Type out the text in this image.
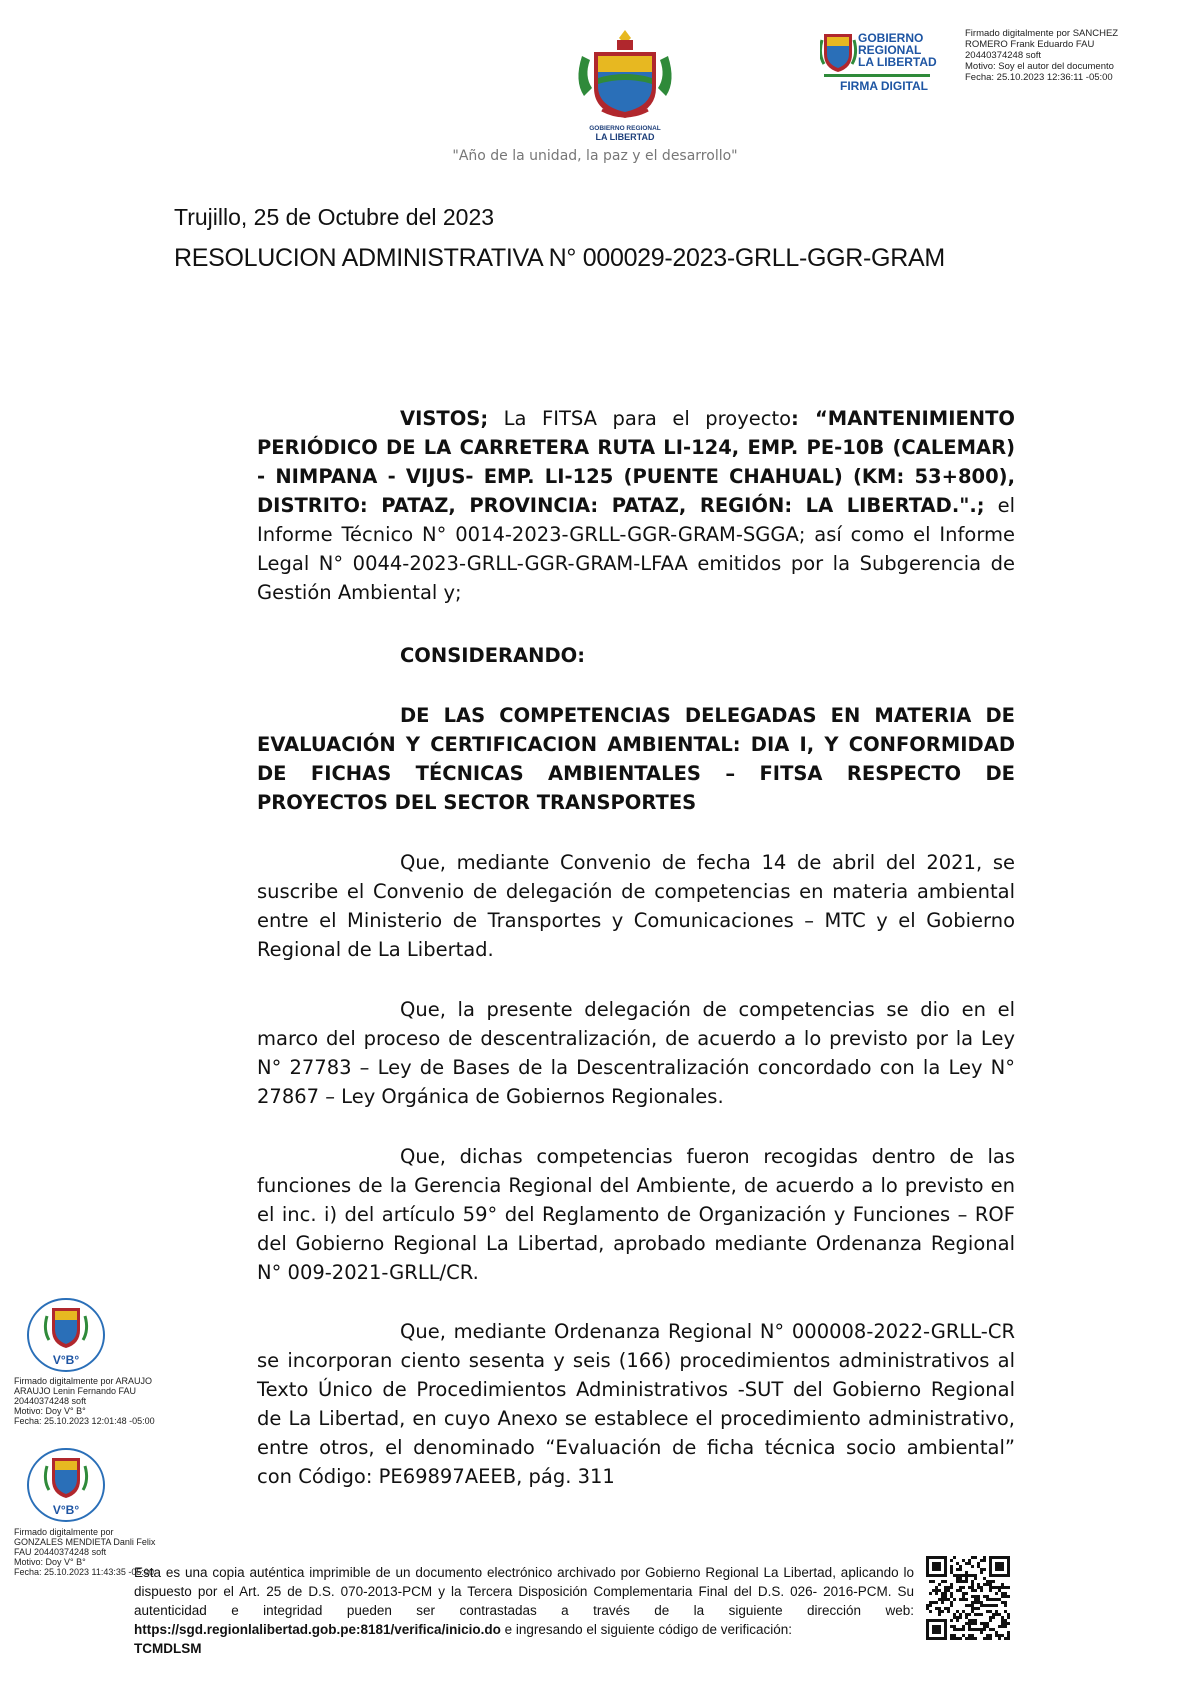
GOBIERNO REGIONAL
LA LIBERTAD
"Año de la unidad, la paz y el desarrollo"
GOBIERNO
REGIONAL
LA LIBERTAD
FIRMA DIGITAL
Firmado digitalmente por SANCHEZ
ROMERO Frank Eduardo FAU
20440374248 soft
Motivo: Soy el autor del documento
Fecha: 25.10.2023 12:36:11 -05:00
Trujillo, 25 de Octubre del 2023
RESOLUCION ADMINISTRATIVA N° 000029-2023-GRLL-GGR-GRAM
VISTOS; La FITSA para el proyecto: “MANTENIMIENTO PERIÓDICO DE LA CARRETERA RUTA LI-124, EMP. PE-10B (CALEMAR) - NIMPANA - VIJUS- EMP. LI-125 (PUENTE CHAHUAL) (KM: 53+800), DISTRITO: PATAZ, PROVINCIA: PATAZ, REGIÓN: LA LIBERTAD.".; el Informe Técnico N° 0014-2023-GRLL-GGR-GRAM-SGGA; así como el Informe Legal N° 0044-2023-GRLL-GGR-GRAM-LFAA emitidos por la Subgerencia de Gestión Ambiental y;
CONSIDERANDO:
DE LAS COMPETENCIAS DELEGADAS EN MATERIA DE EVALUACIÓN Y CERTIFICACION AMBIENTAL: DIA I, Y CONFORMIDAD DE FICHAS TÉCNICAS AMBIENTALES – FITSA RESPECTO DE PROYECTOS DEL SECTOR TRANSPORTES
Que, mediante Convenio de fecha 14 de abril del 2021, se suscribe el Convenio de delegación de competencias en materia ambiental entre el Ministerio de Transportes y Comunicaciones – MTC y el Gobierno Regional de La Libertad.
Que, la presente delegación de competencias se dio en el marco del proceso de descentralización, de acuerdo a lo previsto por la Ley N° 27783 – Ley de Bases de la Descentralización concordado con la Ley N° 27867 – Ley Orgánica de Gobiernos Regionales.
Que, dichas competencias fueron recogidas dentro de las funciones de la Gerencia Regional del Ambiente, de acuerdo a lo previsto en el inc. i) del artículo 59° del Reglamento de Organización y Funciones – ROF del Gobierno Regional La Libertad, aprobado mediante Ordenanza Regional N° 009-2021-GRLL/CR.
Que, mediante Ordenanza Regional N° 000008-2022-GRLL-CR se incorporan ciento sesenta y seis (166) procedimientos administrativos al Texto Único de Procedimientos Administrativos -SUT del Gobierno Regional de La Libertad, en cuyo Anexo se establece el procedimiento administrativo, entre otros, el denominado “Evaluación de ficha técnica socio ambiental” con Código: PE69897AEEB, pág. 311
V°B°
Firmado digitalmente por ARAUJO
ARAUJO Lenin Fernando FAU
20440374248 soft
Motivo: Doy V° B°
Fecha: 25.10.2023 12:01:48 -05:00
V°B°
Firmado digitalmente por
GONZALES MENDIETA Danli Felix
FAU 20440374248 soft
Motivo: Doy V° B°
Fecha: 25.10.2023 11:43:35 -05:00
Esta es una copia auténtica imprimible de un documento electrónico archivado por Gobierno Regional La Libertad, aplicando lo dispuesto por el Art. 25 de D.S. 070-2013-PCM y la Tercera Disposición Complementaria Final del D.S. 026- 2016-PCM. Su autenticidad e integridad pueden ser contrastadas a través de la siguiente dirección web: https://sgd.regionlalibertad.gob.pe:8181/verifica/inicio.do e ingresando el siguiente código de verificación:
TCMDLSM
